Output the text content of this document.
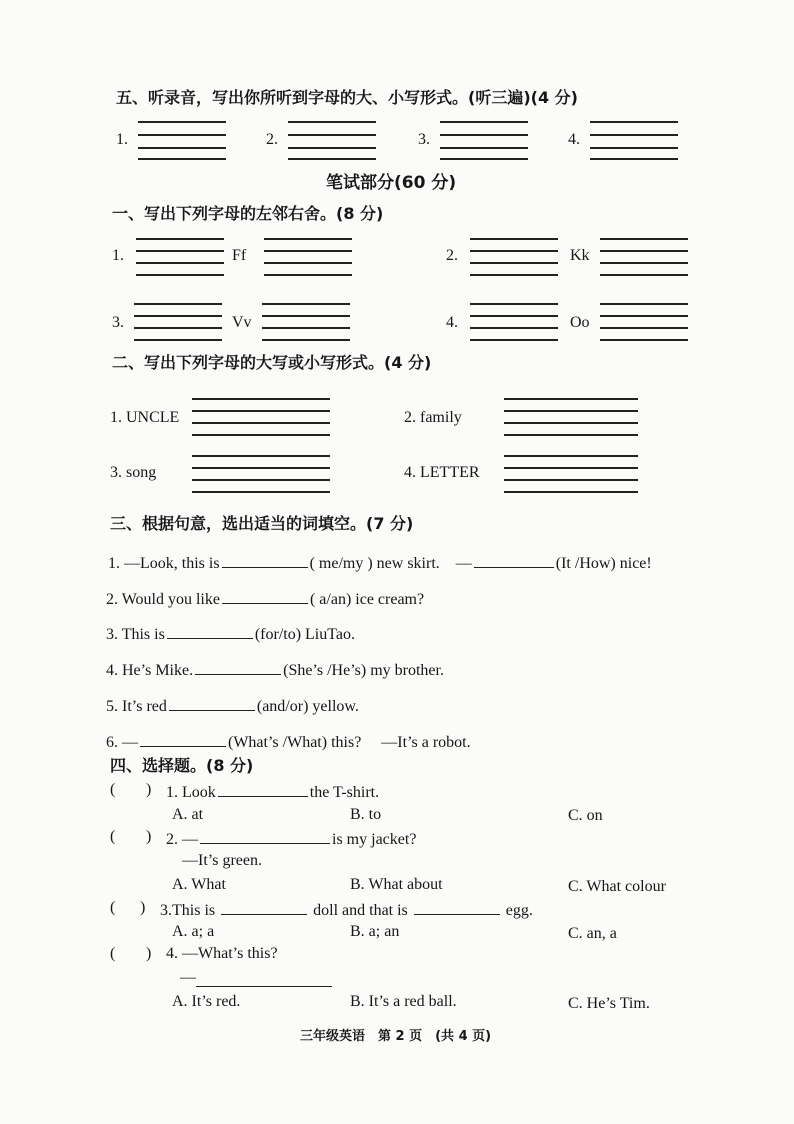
五、听录音，写出你所听到字母的大、小写形式。(听三遍)(4 分)
1.	2.	3.	4.
笔试部分(60 分)
一、写出下列字母的左邻右舍。(8 分)
1.	Ff	2.	Kk
3.	Vv	4.	Oo
二、写出下列字母的大写或小写形式。(4 分)
1. UNCLE	2. family
3. song	4. LETTER
三、根据句意，选出适当的词填空。(7 分)
1. —Look, this is	( me/my ) new skirt. —	(It /How) nice!
2. Would you like	( a/an) ice cream?
3. This is	(for/to) LiuTao.
4. He’s Mike.	(She’s /He’s) my brother.
5. It’s red	(and/or) yellow.
6. —	(What’s /What) this? —It’s a robot.
四、选择题。(8 分)
( ) 1. Look	the T-shirt.
A. at	B. to	C. on
( ) 2. —	is my jacket?
—It’s green.
A. What	B. What about	C. What colour
( ) 3.This is	doll and that is	egg.
A. a; a	B. a; an	C. an, a
( ) 4. —What’s this?
—
A. It’s red.	B. It’s a red ball.	C. He’s Tim.
三年级英语　第 2 页　(共 4 页)
